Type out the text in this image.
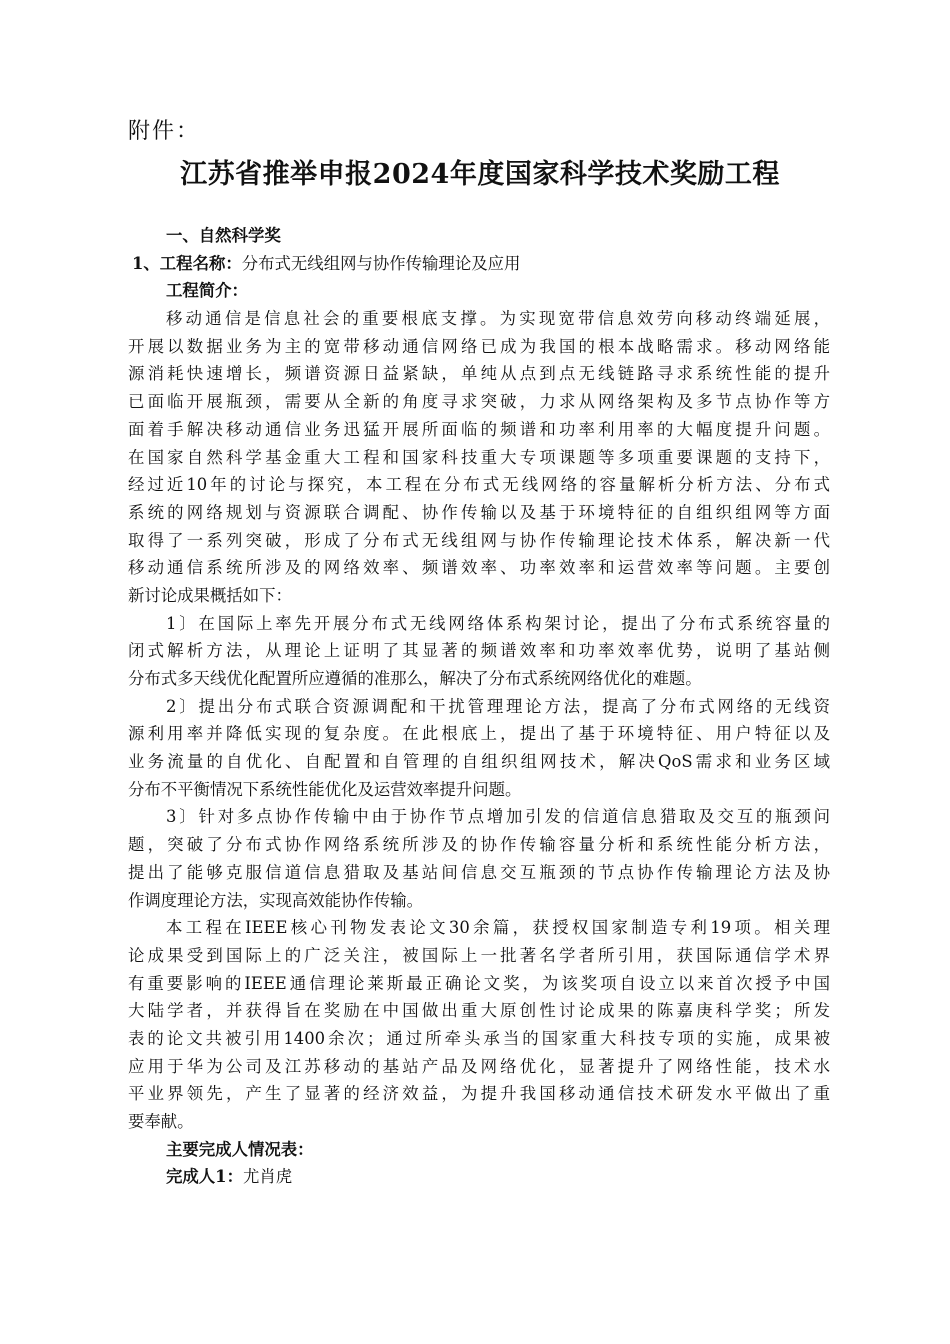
附件：
江苏省推举申报2024年度国家科学技术奖励工程
一、自然科学奖
1、工程名称：分布式无线组网与协作传输理论及应用
工程简介：
移动通信是信息社会的重要根底支撑。为实现宽带信息效劳向移动终端延展，
开展以数据业务为主的宽带移动通信网络已成为我国的根本战略需求。移动网络能
源消耗快速增长，频谱资源日益紧缺，单纯从点到点无线链路寻求系统性能的提升
已面临开展瓶颈，需要从全新的角度寻求突破，力求从网络架构及多节点协作等方
面着手解决移动通信业务迅猛开展所面临的频谱和功率利用率的大幅度提升问题。
在国家自然科学基金重大工程和国家科技重大专项课题等多项重要课题的支持下，
经过近10年的讨论与探究，本工程在分布式无线网络的容量解析分析方法、分布式
系统的网络规划与资源联合调配、协作传输以及基于环境特征的自组织组网等方面
取得了一系列突破，形成了分布式无线组网与协作传输理论技术体系，解决新一代
移动通信系统所涉及的网络效率、频谱效率、功率效率和运营效率等问题。主要创
新讨论成果概括如下：
1〕在国际上率先开展分布式无线网络体系构架讨论，提出了分布式系统容量的
闭式解析方法，从理论上证明了其显著的频谱效率和功率效率优势，说明了基站侧
分布式多天线优化配置所应遵循的准那么，解决了分布式系统网络优化的难题。
2〕提出分布式联合资源调配和干扰管理理论方法，提高了分布式网络的无线资
源利用率并降低实现的复杂度。在此根底上，提出了基于环境特征、用户特征以及
业务流量的自优化、自配置和自管理的自组织组网技术，解决QoS需求和业务区域
分布不平衡情况下系统性能优化及运营效率提升问题。
3〕针对多点协作传输中由于协作节点增加引发的信道信息猎取及交互的瓶颈问
题，突破了分布式协作网络系统所涉及的协作传输容量分析和系统性能分析方法，
提出了能够克服信道信息猎取及基站间信息交互瓶颈的节点协作传输理论方法及协
作调度理论方法，实现高效能协作传输。
本工程在IEEE核心刊物发表论文30余篇，获授权国家制造专利19项。相关理
论成果受到国际上的广泛关注，被国际上一批著名学者所引用，获国际通信学术界
有重要影响的IEEE通信理论莱斯最正确论文奖，为该奖项自设立以来首次授予中国
大陆学者，并获得旨在奖励在中国做出重大原创性讨论成果的陈嘉庚科学奖；所发
表的论文共被引用1400余次；通过所牵头承当的国家重大科技专项的实施，成果被
应用于华为公司及江苏移动的基站产品及网络优化，显著提升了网络性能，技术水
平业界领先，产生了显著的经济效益，为提升我国移动通信技术研发水平做出了重
要奉献。
主要完成人情况表：
完成人1：尤肖虎
